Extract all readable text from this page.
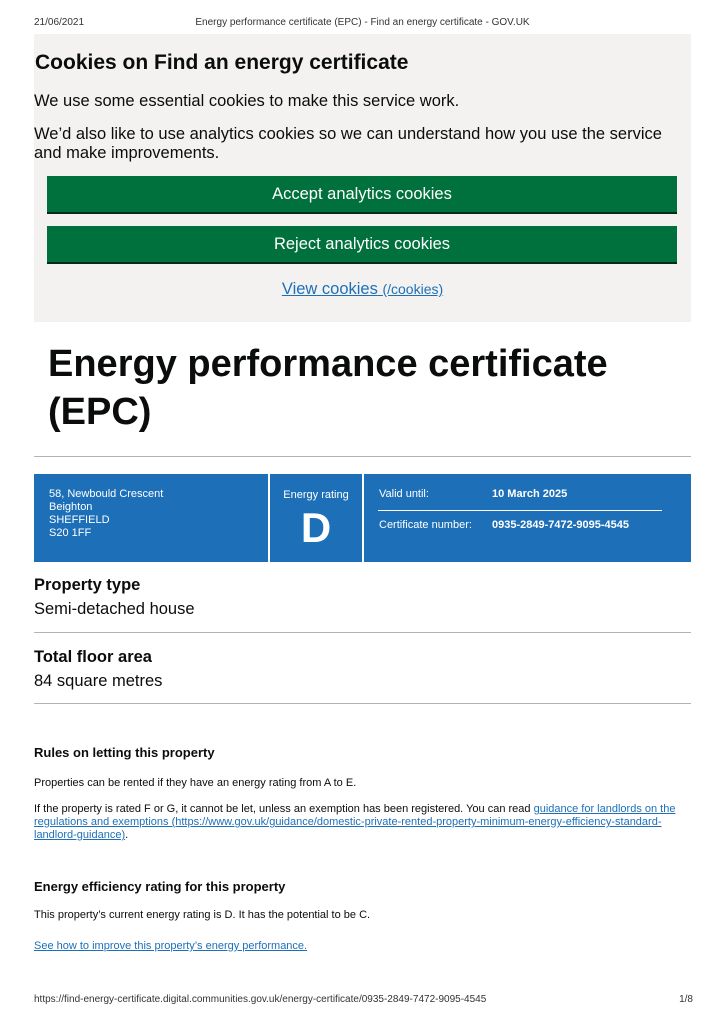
21/06/2021	Energy performance certificate (EPC) - Find an energy certificate - GOV.UK
Cookies on Find an energy certificate

We use some essential cookies to make this service work.

We’d also like to use analytics cookies so we can understand how you use the service and make improvements.

Accept analytics cookies
Reject analytics cookies
View cookies (/cookies)
Energy performance certificate (EPC)
58, Newbould Crescent
Beighton
SHEFFIELD
S20 1FF
Energy rating
D
Valid until:	10 March 2025
Certificate number: 0935-2849-7472-9095-4545
Property type
Semi-detached house
Total floor area
84 square metres
Rules on letting this property

Properties can be rented if they have an energy rating from A to E.

If the property is rated F or G, it cannot be let, unless an exemption has been registered. You can read guidance for landlords on the regulations and exemptions (https://www.gov.uk/guidance/domestic-private-rented-property-minimum-energy-efficiency-standard-landlord-guidance).

Energy efficiency rating for this property

This property’s current energy rating is D. It has the potential to be C.

See how to improve this property’s energy performance.
https://find-energy-certificate.digital.communities.gov.uk/energy-certificate/0935-2849-7472-9095-4545	1/8
